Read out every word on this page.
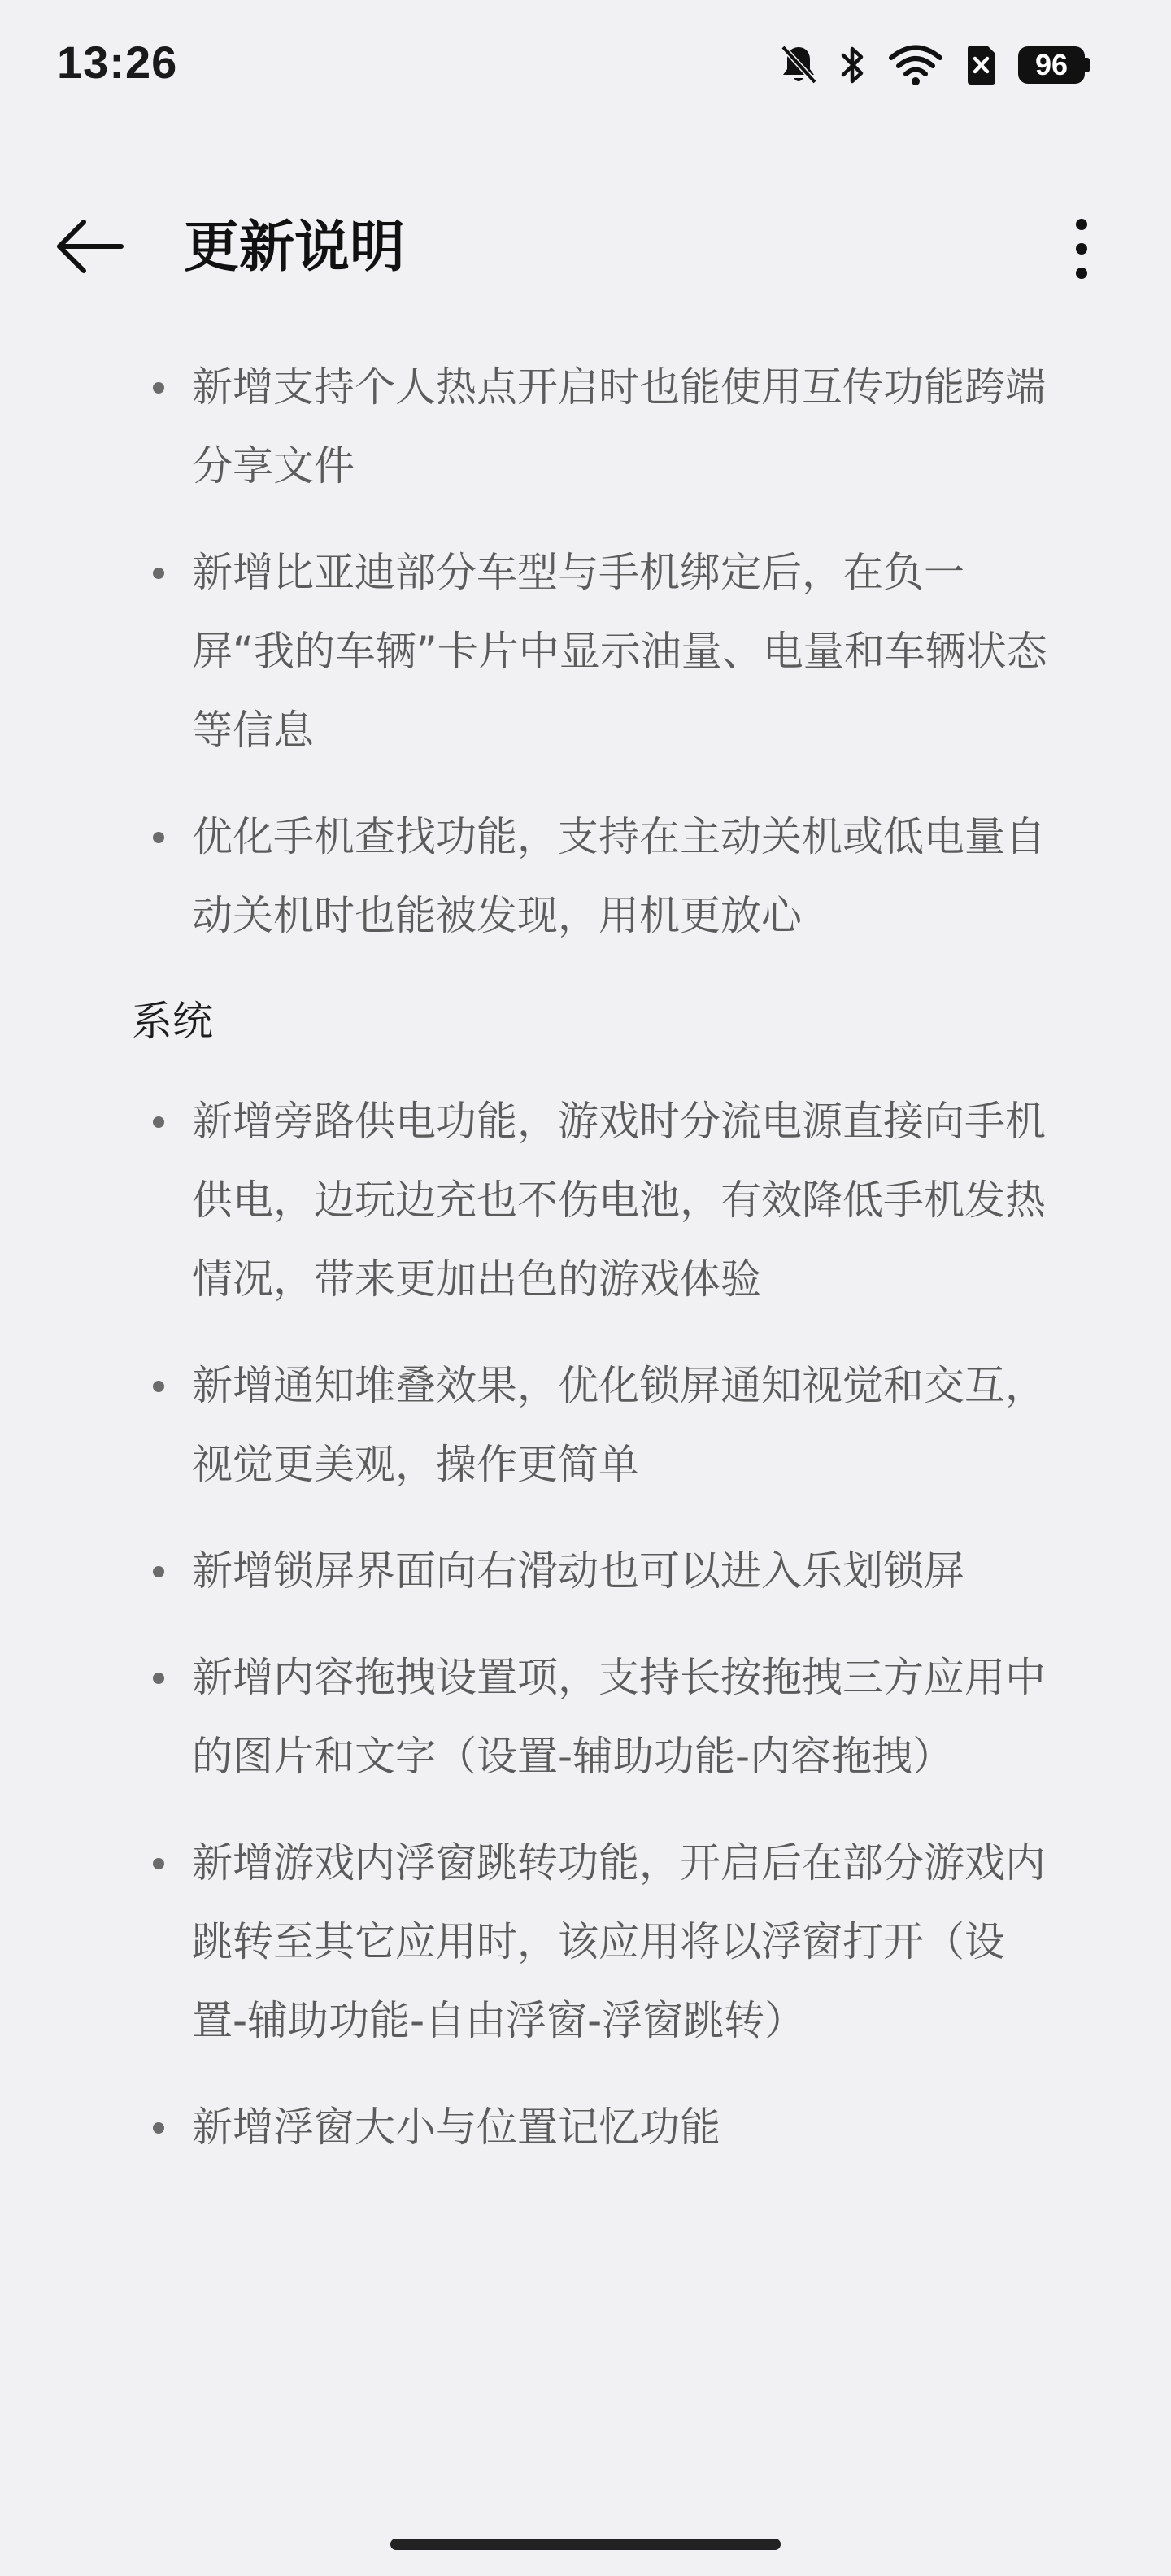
13:26	96
更新说明
新增支持个人热点开启时也能使用互传功能跨端分享文件
新增比亚迪部分车型与手机绑定后，在负一屏“我的车辆”卡片中显示油量、电量和车辆状态等信息
优化手机查找功能，支持在主动关机或低电量自动关机时也能被发现，用机更放心
系统
新增旁路供电功能，游戏时分流电源直接向手机供电，边玩边充也不伤电池，有效降低手机发热情况，带来更加出色的游戏体验
新增通知堆叠效果，优化锁屏通知视觉和交互，视觉更美观，操作更简单
新增锁屏界面向右滑动也可以进入乐划锁屏
新增内容拖拽设置项，支持长按拖拽三方应用中的图片和文字（设置-辅助功能-内容拖拽）
新增游戏内浮窗跳转功能，开启后在部分游戏内跳转至其它应用时，该应用将以浮窗打开（设置-辅助功能-自由浮窗-浮窗跳转）
新增浮窗大小与位置记忆功能
